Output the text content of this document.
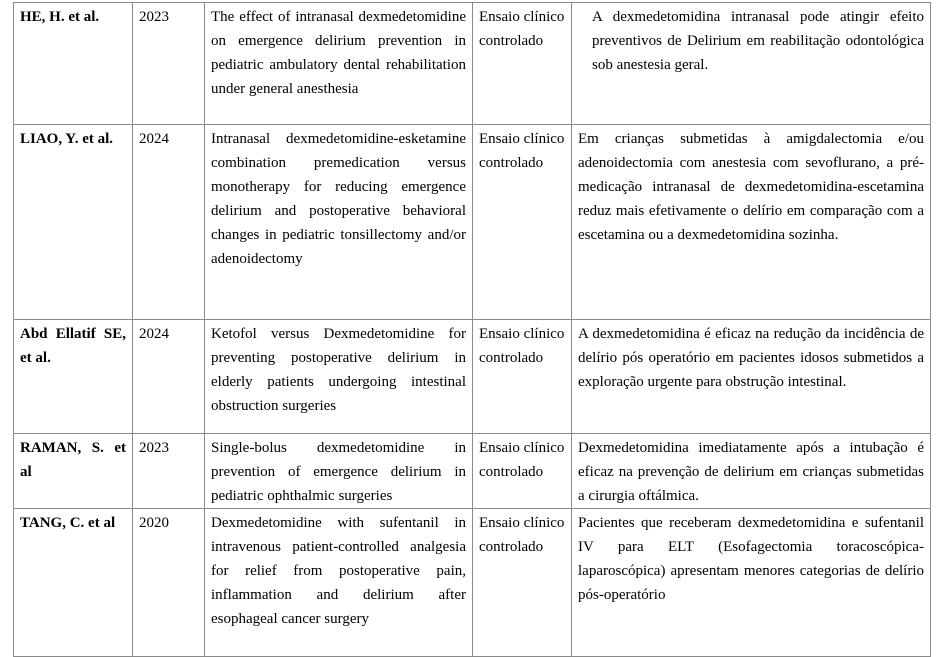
HE, H. et al.	2023	The effect of intranasal dexmedetomidine on emergence delirium prevention in pediatric ambulatory dental rehabilitation under general anesthesia	Ensaio clínico controlado	A dexmedetomidina intranasal pode atingir efeito preventivos de Delirium em reabilitação odontológica sob anestesia geral.
LIAO, Y. et al.	2024	Intranasal dexmedetomidine-esketamine combination premedication versus monotherapy for reducing emergence delirium and postoperative behavioral changes in pediatric tonsillectomy and/or adenoidectomy	Ensaio clínico controlado	Em crianças submetidas à amigdalectomia e/ou adenoidectomia com anestesia com sevoflurano, a pré-medicação intranasal de dexmedetomidina-escetamina reduz mais efetivamente o delírio em comparação com a escetamina ou a dexmedetomidina sozinha.
Abd Ellatif SE, et al.	2024	Ketofol versus Dexmedetomidine for preventing postoperative delirium in elderly patients undergoing intestinal obstruction surgeries	Ensaio clínico controlado	A dexmedetomidina é eficaz na redução da incidência de delírio pós operatório em pacientes idosos submetidos a exploração urgente para obstrução intestinal.
RAMAN, S. et al	2023	Single-bolus dexmedetomidine in prevention of emergence delirium in pediatric ophthalmic surgeries	Ensaio clínico controlado	Dexmedetomidina imediatamente após a intubação é eficaz na prevenção de delirium em crianças submetidas a cirurgia oftálmica.
TANG, C. et al	2020	Dexmedetomidine with sufentanil in intravenous patient-controlled analgesia for relief from postoperative pain, inflammation and delirium after esophageal cancer surgery	Ensaio clínico controlado	Pacientes que receberam dexmedetomidina e sufentanil IV para ELT (Esofagectomia toracoscópica-laparoscópica) apresentam menores categorias de delírio pós-operatório
